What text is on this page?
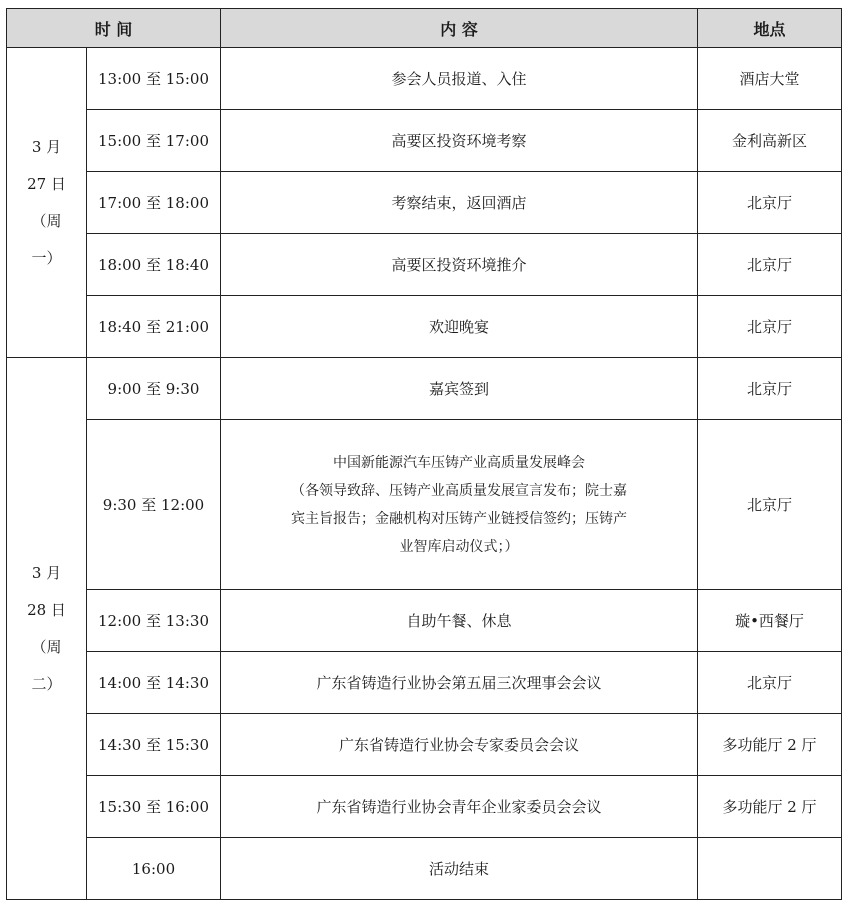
时 间		内 容	地点

3 月
27 日
（周
一）	13:00 至 15:00	参会人员报道、入住	酒店大堂
	15:00 至 17:00	高要区投资环境考察	金利高新区
	17:00 至 18:00	考察结束，返回酒店	北京厅
	18:00 至 18:40	高要区投资环境推介	北京厅
	18:40 至 21:00	欢迎晚宴	北京厅

3 月
28 日
（周
二）	9:00 至 9:30	嘉宾签到	北京厅
	9:30 至 12:00	中国新能源汽车压铸产业高质量发展峰会
（各领导致辞、压铸产业高质量发展宣言发布；院士嘉
宾主旨报告；金融机构对压铸产业链授信签约；压铸产
业智库启动仪式；）	北京厅
	12:00 至 13:30	自助午餐、休息	璇•西餐厅
	14:00 至 14:30	广东省铸造行业协会第五届三次理事会会议	北京厅
	14:30 至 15:30	广东省铸造行业协会专家委员会会议	多功能厅 2 厅
	15:30 至 16:00	广东省铸造行业协会青年企业家委员会会议	多功能厅 2 厅
	16:00	活动结束	
